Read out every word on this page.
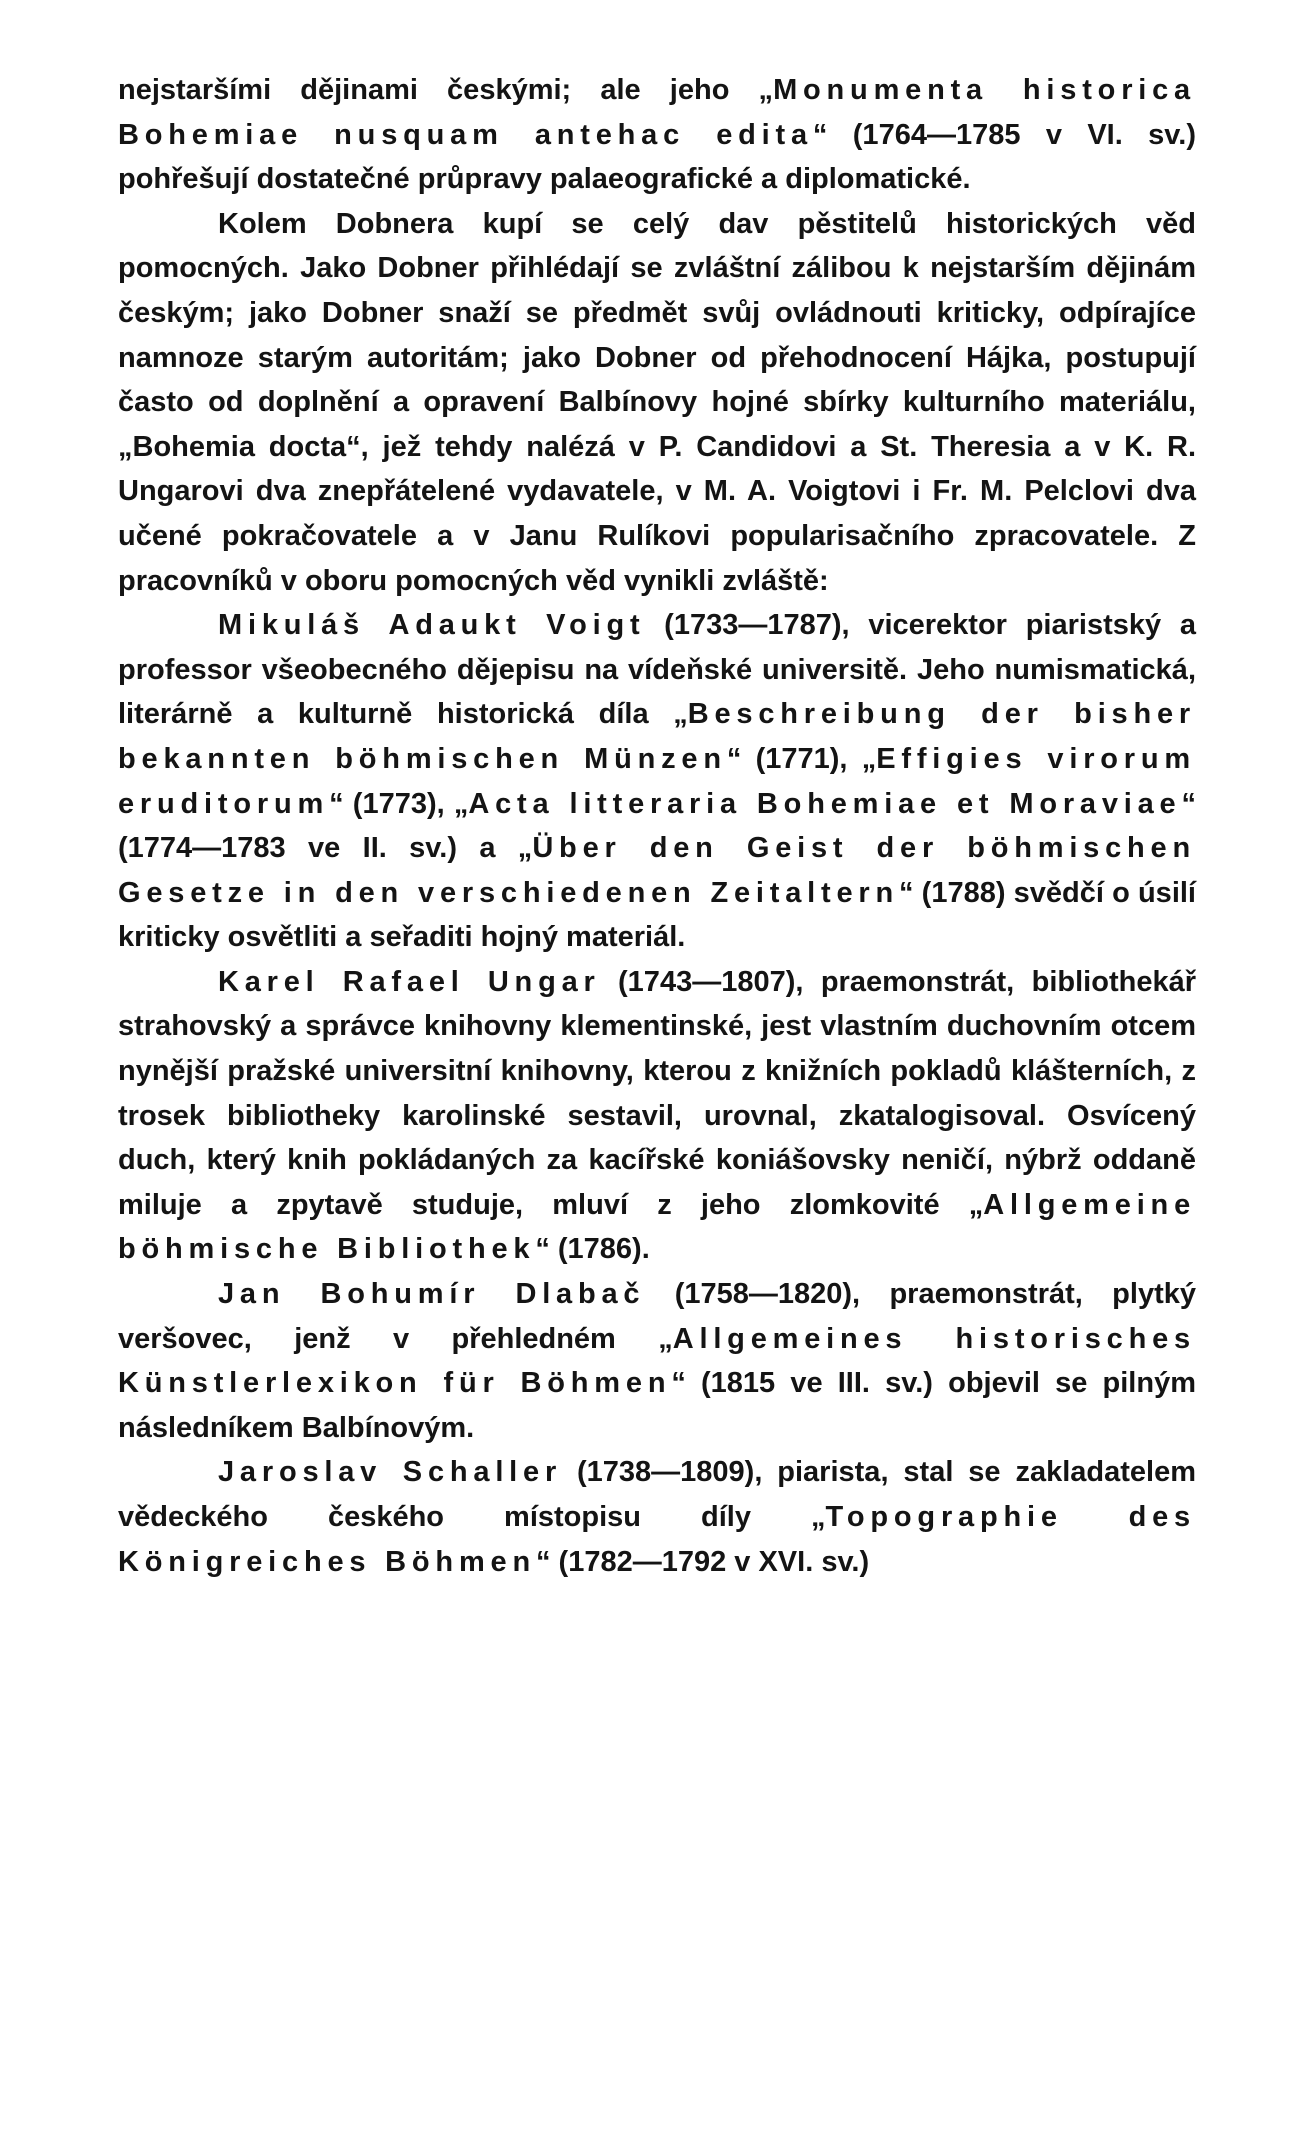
nejstaršími dějinami českými; ale jeho „Monumenta historica Bohemiae nusquam antehac edita“ (1764—1785 v VI. sv.) pohřešují dostatečné průpravy palaeografické a diplomatické.

Kolem Dobnera kupí se celý dav pěstitelů historických věd pomocných. Jako Dobner přihlédají se zvláštní zálibou k nejstarším dějinám českým; jako Dobner snaží se předmět svůj ovládnouti kriticky, odpírajíce namnoze starým autoritám; jako Dobner od přehodnocení Hájka, postupují často od doplnění a opravení Balbínovy hojné sbírky kulturního materiálu, „Bohemia docta“, jež tehdy nalézá v P. Candidovi a St. Theresia a v K. R. Ungarovi dva znepřátelené vydavatele, v M. A. Voigtovi i Fr. M. Pelclovi dva učené pokračovatele a v Janu Rulíkovi popularisačního zpracovatele. Z pracovníků v oboru pomocných věd vynikli zvláště:

Mikuláš Adaukt Voigt (1733—1787), vicerektor piaristský a professor všeobecného dějepisu na vídeňské universitě. Jeho numismatická, literárně a kulturně historická díla „Beschreibung der bisher bekannten böhmischen Münzen“ (1771), „Effigies virorum eruditorum“ (1773), „Acta litteraria Bohemiae et Moraviae“ (1774—1783 ve II. sv.) a „Über den Geist der böhmischen Gesetze in den verschiedenen Zeitaltern“ (1788) svědčí o úsilí kriticky osvětliti a seřaditi hojný materiál.

Karel Rafael Ungar (1743—1807), praemonstrát, bibliothekář strahovský a správce knihovny klementinské, jest vlastním duchovním otcem nynější pražské universitní knihovny, kterou z knižních pokladů klášterních, z trosek bibliotheky karolinské sestavil, urovnal, zkatalogisoval. Osvícený duch, který knih pokládaných za kacířské koniášovsky neničí, nýbrž oddaně miluje a zpytavě studuje, mluví z jeho zlomkovité „Allgemeine böhmische Bibliothek“ (1786).

Jan Bohumír Dlabač (1758—1820), praemonstrát, plytký veršovec, jenž v přehledném „Allgemeines historisches Künstlerlexikon für Böhmen“ (1815 ve III. sv.) objevil se pilným následníkem Balbínovým.

Jaroslav Schaller (1738—1809), piarista, stal se zakladatelem vědeckého českého místopisu díly „Topographie des Königreiches Böhmen“ (1782—1792 v XVI. sv.)
